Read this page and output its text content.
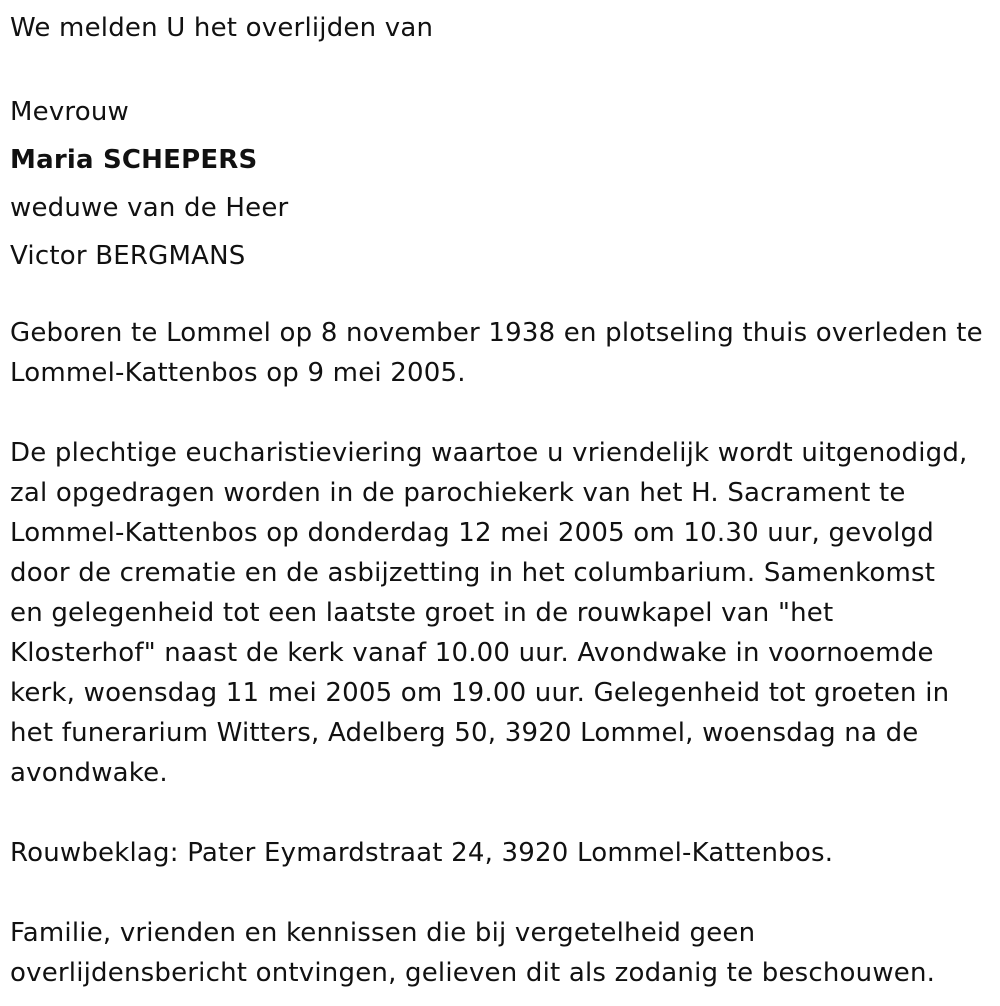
We melden U het overlijden van
Mevrouw
Maria SCHEPERS
weduwe van de Heer
Victor BERGMANS
Geboren te Lommel op 8 november 1938 en plotseling thuis overleden te
Lommel-Kattenbos op 9 mei 2005.
De plechtige eucharistieviering waartoe u vriendelijk wordt uitgenodigd,
zal opgedragen worden in de parochiekerk van het H. Sacrament te
Lommel-Kattenbos op donderdag 12 mei 2005 om 10.30 uur, gevolgd
door de crematie en de asbijzetting in het columbarium. Samenkomst
en gelegenheid tot een laatste groet in de rouwkapel van "het
Klosterhof" naast de kerk vanaf 10.00 uur. Avondwake in voornoemde
kerk, woensdag 11 mei 2005 om 19.00 uur. Gelegenheid tot groeten in
het funerarium Witters, Adelberg 50, 3920 Lommel, woensdag na de
avondwake.
Rouwbeklag: Pater Eymardstraat 24, 3920 Lommel-Kattenbos.
Familie, vrienden en kennissen die bij vergetelheid geen
overlijdensbericht ontvingen, gelieven dit als zodanig te beschouwen.
